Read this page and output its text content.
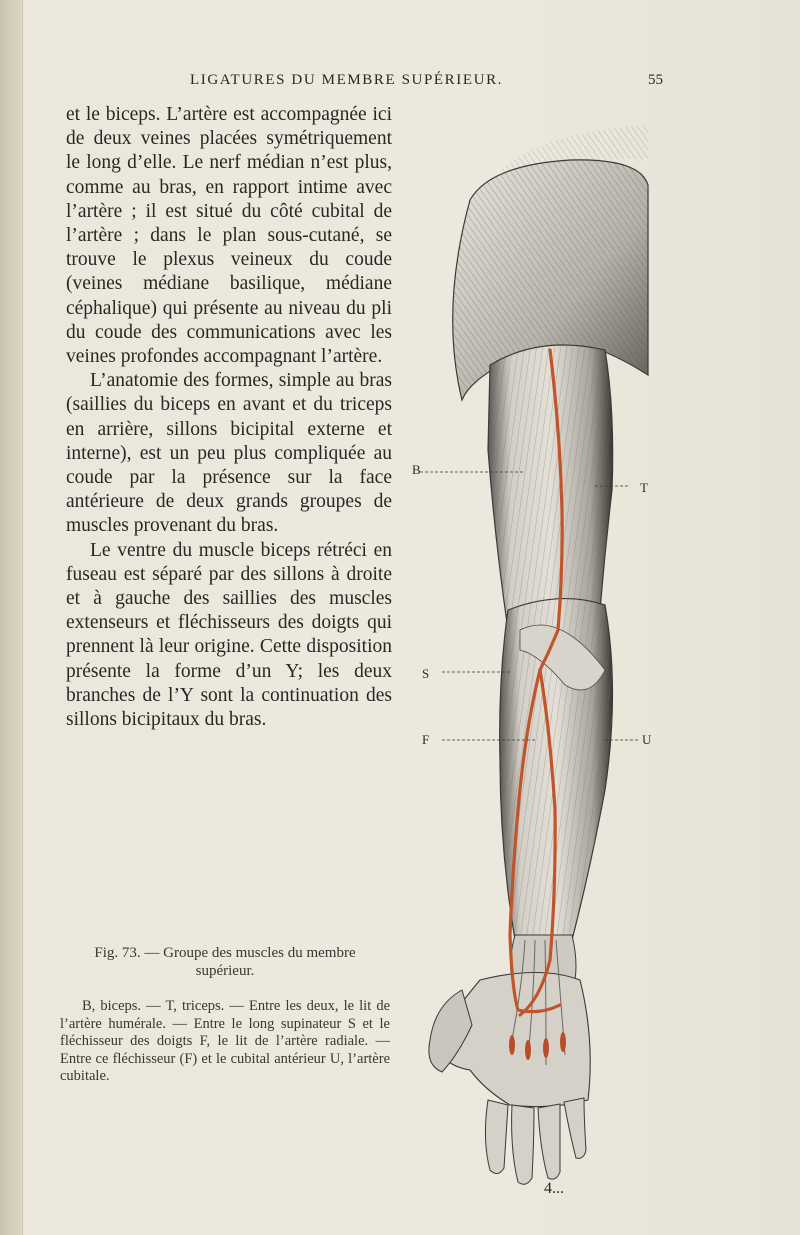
LIGATURES DU MEMBRE SUPÉRIEUR.	55

et le biceps. L’artère est accompagnée ici de deux veines placées symétriquement le long d’elle. Le nerf médian n’est plus, comme au bras, en rapport intime avec l’artère ; il est situé du côté cubital de l’artère ; dans le plan sous-cutané, se trouve le plexus veineux du coude (veines médiane basilique, médiane céphalique) qui présente au niveau du pli du coude des communications avec les veines profondes accompagnant l’artère.

L’anatomie des formes, simple au bras (saillies du biceps en avant et du triceps en arrière, sillons bicipital externe et interne), est un peu plus compliquée au coude par la présence sur la face antérieure de deux grands groupes de muscles provenant du bras.

Le ventre du muscle biceps rétréci en fuseau est séparé par des sillons à droite et à gauche des saillies des muscles extenseurs et fléchisseurs des doigts qui prennent là leur origine. Cette disposition présente la forme d’un Y; les deux branches de l’Y sont la continuation des sillons bicipitaux du bras.

Fig. 73. — Groupe des muscles du membre supérieur.

B, biceps. — T, triceps. — Entre les deux, le lit de l’artère humérale. — Entre le long supinateur S et le fléchisseur des doigts F, le lit de l’artère radiale. — Entre ce fléchisseur (F) et le cubital antérieur U, l’artère cubitale.

B
T
S
F	U
4...
